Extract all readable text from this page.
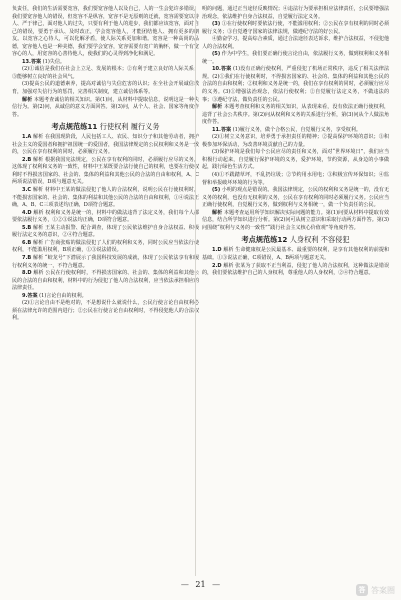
负责任，我们的生活需要宽容，我们要宽容他人以及自己，人的一生会犯许多错误，我们要宽容他人的错误，但宽容不是纵容，宽容不是无原则的迁就，宽容需要宽以待人、严于律己，面对他人的过失，只要有利于他人的进步，我们都应该宽容，面对自己的错误，要勇于承认、及时改正，学会宽容他人，才能团结他人、拥有更多的朋友。以宽容之心待人，可以化解矛盾，使人际关系更加和谐。宽容是一种高尚的品德，宽容他人也是一种美德，我们要学会宽容，宽容需要有宽广的胸怀，做一个有宽容心的人，用宽容的心善待他人，使我们的心灵得到净化和满足。

13.答案 (1)失信。

(2)①诚信是我们在社会上立足、发展的根本；②有利于建立良好的人际关系；③能够树立良好的社会风气。

(3)提高公民的道德素养，提高对诚信与失信危害的认识；在全社会开展诚信教育，加强对失信行为的惩罚，完善相关制度，建立诚信体系等。

解析 本题考查诚信的相关知识。第(1)问，从材料中提取信息，说明这是一种失信行为。第(2)问，从诚信的意义方面回答。第(3)问，从个人、社会、国家等角度作答。

考点规范练11 行使权利 履行义务

1.A 解析 在我国现阶段，人民包括工人、农民、知识分子和其他劳动者，拥护社会主义的爱国者和拥护祖国统一的爱国者，我国法律规定的公民权利和义务是一致的，公民在享有权利的同时，必须履行义务。

2.B 解析 根据我国宪法规定，公民在享有权利的同时，必须履行应尽的义务，这体现了权利和义务的一致性，材料中王某既要合法行使自己的权利，也要在行使权利时不得损害国家的、社会的、集体的利益和其他公民的合法的自由和权利，A、C两项说法错误，D项与题意无关。

3.C 解析 材料中王某的做法侵犯了他人的合法权利，说明公民在行使权利时，不能损害国家的、社会的、集体的利益和其他公民的合法的自由和权利，①④说法正确，A、B、C三项表述均正确，D项符合题意。

4.D 解析 权利和义务是统一的，材料中的做法违背了法定义务，我们每个人都要依法履行义务，①②③说法均正确，D项符合题意。

5.B 解析 王某主动报警、配合调查，体现了公民依法维护自身合法权益、积极履行法定义务的意识，②④符合题意。

6.B 解析 广告商张贴的做法侵犯了人们的权利和义务，同时公民应当依法行使权利，不能滥用权利，B项正确，①③说法错误。

7.B 解析 “蛟龙号”下潜展示了我国科技发展的成就，体现了公民依法享有和履行权利义务的统一，不符合题意。

8.D 解析 公民在行使权利时，不得损害国家的、社会的、集体的利益和其他公民的合法的自由和权利，材料中的行为侵犯了他人的合法权利，应当依法承担相应的法律责任。

9.答案 (1)言论自由的权利。

(2)①言论自由不是绝对的，不是想说什么就说什么，公民行使言论自由权利必须在法律允许的范围内进行；②公民在行使言论自由权利时，不得侵犯他人的合法权利。

明的问题，通过正当途径反映情况；④违法行为要承担相应法律责任，公民要增强法治观念，依法维护自身合法权益，自觉履行法定义务。

(3) ①在行使权利时要依法行使，不能滥用权利；②公民在享有权利的同时必须履行义务；③自觉遵守国家的法律法规，做遵纪守法的好公民。

④勤奋学习，提高综合素质，通过合法途径表达诉求，维护合法权益，不侵犯他人的合法权利。

(5) 作为中学生，我们要正确行使言论自由，依法履行义务，做到权利和义务相统一。

10.答案 (1)没有正确行使权利，严重侵犯了机场正常秩序，违反了相关法律法规。(2)①我们在行使权利时，不得损害国家的、社会的、集体的利益和其他公民的合法的自由和权利；②权利和义务是统一的，我们在享有权利的同时，必须履行应尽的义务。(3)①增强法治观念，依法行使权利；②自觉履行法定义务，不做违法的事；③遵纪守法，做负责任的公民。

解析 本题考查权利和义务的相关知识，从表现来看，没有依法正确行使权利，违背了社会公共秩序。第(2)问从权利和义务的关系进行分析，第(3)问从个人做法角度作答。

11.答案 (1)履行义务，做个合格公民，自觉履行义务，享受权利。

(2)①树立义务意识，培养勇于承担责任的精神；②提高保护环境的意识；③积极参加环保活动，为改善环境贡献自己的力量。

(3)保护环境是我们每个公民应尽的责任和义务，面对“世界环境日”，我们应当积极行动起来，自觉履行保护环境的义务，爱护环境，节约资源，从身边的小事做起，践行绿色生活方式。

(4)①不践踏草坪，不乱扔垃圾；②节约用水用电；③积极宣传环保知识；④监督和举报破坏环境的行为等。

(5) 小明的观点是错误的。我国法律规定，公民的权利和义务是统一的，没有无义务的权利，也没有无权利的义务，公民在享有权利的同时必须履行义务。公民应当正确行使权利，自觉履行义务，做到权利与义务相统一，做一个负责任的公民。

解析 本题考查运用所学知识解决实际问题的能力。第(1)问要从材料中提取有效信息，结合所学知识进行分析。第(2)问可从树立意识和采取行动两方面作答。第(3)问围绕“权利与义务的一致性”“践行社会主义核心价值观”等角度作答。

考点规范练12 人身权利 不容侵犯

1.D 解析 生命健康权是公民最基本、最重要的权利，是享有其他权利的前提和基础。①③说法正确，C项错误，A、B两项与题意无关。

2.D 解析 张某为了获取不正当利益，侵犯了他人的合法权利，这种做法是错误的，我们要依法维护自己的人身权利，尊重他人的人身权利，②④符合题意。

— 21 —
答 答案圈
